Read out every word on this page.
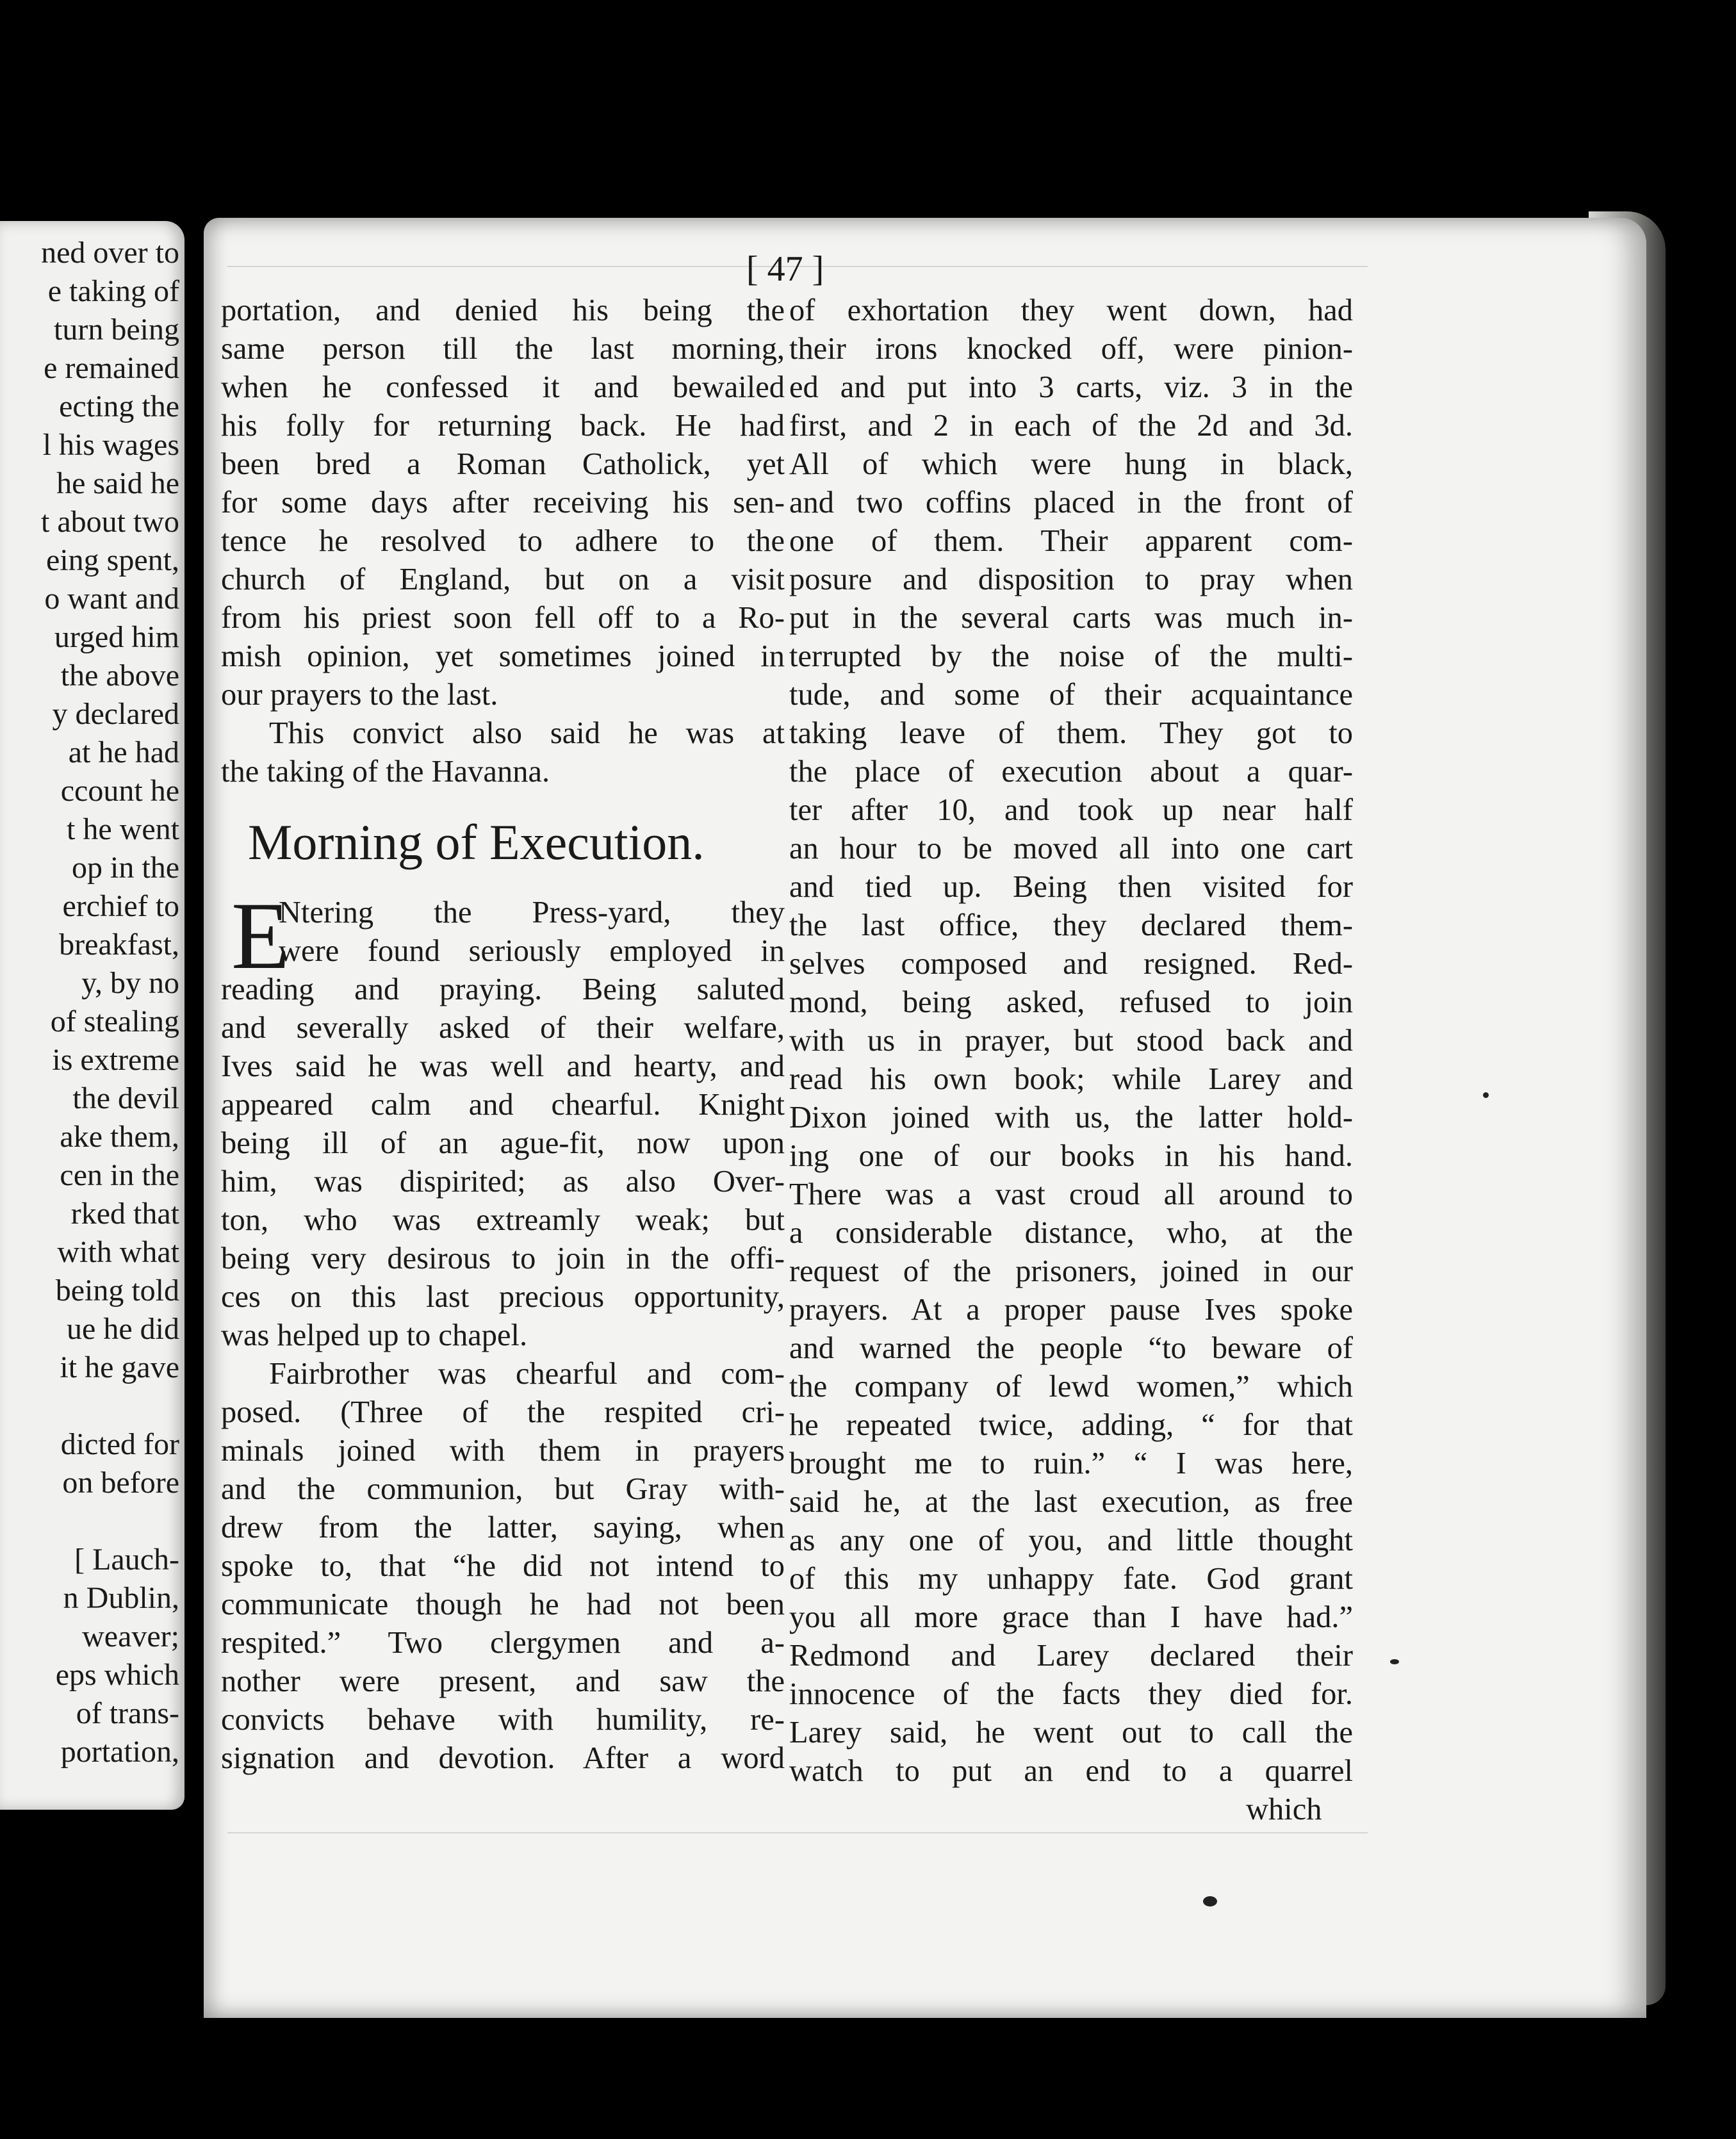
ned over to
e taking of
turn being
e remained
ecting the
l his wages
he said he
t about two
eing spent,
o want and
urged him
the above
y declared
at he had
ccount he
t he went
op in the
erchief to
breakfast,
y, by no
of stealing
is extreme
the devil
ake them,
cen in the
rked that
with what
being told
ue he did
it he gave
dicted for
on before
[ Lauch-
n Dublin,
weaver;
eps which
of trans-
portation,
[ 47 ]
portation, and denied his being the
same person till the last morning,
when he confessed it and bewailed
his folly for returning back. He had
been bred a Roman Catholick, yet
for some days after receiving his sen-
tence he resolved to adhere to the
church of England, but on a visit
from his priest soon fell off to a Ro-
mish opinion, yet sometimes joined in
our prayers to the last.
This convict also said he was at
the taking of the Havanna.
Morning of Execution.
E
Ntering the Press-yard, they
were found seriously employed in
reading and praying. Being saluted
and severally asked of their welfare,
Ives said he was well and hearty, and
appeared calm and chearful. Knight
being ill of an ague-fit, now upon
him, was dispirited; as also Over-
ton, who was extreamly weak; but
being very desirous to join in the offi-
ces on this last precious opportunity,
was helped up to chapel.
Fairbrother was chearful and com-
posed. (Three of the respited cri-
minals joined with them in prayers
and the communion, but Gray with-
drew from the latter, saying, when
spoke to, that “he did not intend to
communicate though he had not been
respited.” Two clergymen and a-
nother were present, and saw the
convicts behave with humility, re-
signation and devotion. After a word
of exhortation they went down, had
their irons knocked off, were pinion-
ed and put into 3 carts, viz. 3 in the
first, and 2 in each of the 2d and 3d.
All of which were hung in black,
and two coffins placed in the front of
one of them. Their apparent com-
posure and disposition to pray when
put in the several carts was much in-
terrupted by the noise of the multi-
tude, and some of their acquaintance
taking leave of them. They got to
the place of execution about a quar-
ter after 10, and took up near half
an hour to be moved all into one cart
and tied up. Being then visited for
the last office, they declared them-
selves composed and resigned. Red-
mond, being asked, refused to join
with us in prayer, but stood back and
read his own book; while Larey and
Dixon joined with us, the latter hold-
ing one of our books in his hand.
There was a vast croud all around to
a considerable distance, who, at the
request of the prisoners, joined in our
prayers. At a proper pause Ives spoke
and warned the people “to beware of
the company of lewd women,” which
he repeated twice, adding, “ for that
brought me to ruin.” “ I was here,
said he, at the last execution, as free
as any one of you, and little thought
of this my unhappy fate. God grant
you all more grace than I have had.”
Redmond and Larey declared their
innocence of the facts they died for.
Larey said, he went out to call the
watch to put an end to a quarrel
which
